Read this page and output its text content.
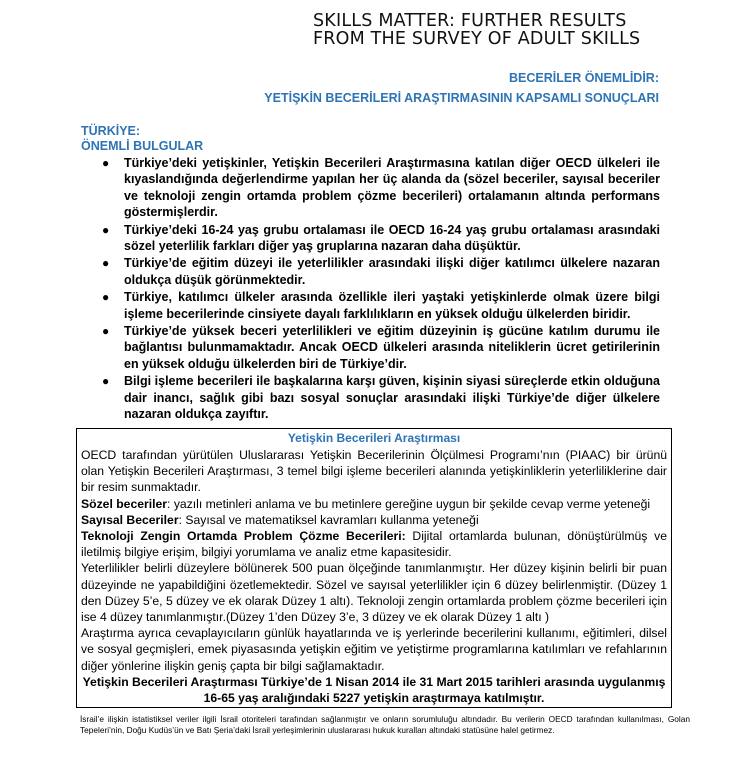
SKILLS MATTER: FURTHER RESULTS
FROM THE SURVEY OF ADULT SKILLS
BECERİLER ÖNEMLİDİR:
YETİŞKİN BECERİLERİ ARAŞTIRMASININ KAPSAMLI SONUÇLARI
TÜRKİYE:
ÖNEMLİ BULGULAR
● Türkiye’deki yetişkinler, Yetişkin Becerileri Araştırmasına katılan diğer OECD ülkeleri ile kıyaslandığında değerlendirme yapılan her üç alanda da (sözel beceriler, sayısal beceriler ve teknoloji zengin ortamda problem çözme becerileri) ortalamanın altında performans göstermişlerdir.
● Türkiye’deki 16-24 yaş grubu ortalaması ile OECD 16-24 yaş grubu ortalaması arasındaki sözel yeterlilik farkları diğer yaş gruplarına nazaran daha düşüktür.
● Türkiye’de eğitim düzeyi ile yeterlilikler arasındaki ilişki diğer katılımcı ülkelere nazaran oldukça düşük görünmektedir.
● Türkiye, katılımcı ülkeler arasında özellikle ileri yaştaki yetişkinlerde olmak üzere bilgi işleme becerilerinde cinsiyete dayalı farklılıkların en yüksek olduğu ülkelerden biridir.
● Türkiye’de yüksek beceri yeterlilikleri ve eğitim düzeyinin iş gücüne katılım durumu ile bağlantısı bulunmamaktadır. Ancak OECD ülkeleri arasında niteliklerin ücret getirilerinin en yüksek olduğu ülkelerden biri de Türkiye’dir.
● Bilgi işleme becerileri ile başkalarına karşı güven, kişinin siyasi süreçlerde etkin olduğuna dair inancı, sağlık gibi bazı sosyal sonuçlar arasındaki ilişki Türkiye’de diğer ülkelere nazaran oldukça zayıftır.
Yetişkin Becerileri Araştırması

OECD tarafından yürütülen Uluslararası Yetişkin Becerilerinin Ölçülmesi Programı’nın (PIAAC) bir ürünü olan Yetişkin Becerileri Araştırması, 3 temel bilgi işleme becerileri alanında yetişkinliklerin yeterliliklerine dair bir resim sunmaktadır.

Sözel beceriler: yazılı metinleri anlama ve bu metinlere gereğine uygun bir şekilde cevap verme yeteneği

Sayısal Beceriler: Sayısal ve matematiksel kavramları kullanma yeteneği

Teknoloji Zengin Ortamda Problem Çözme Becerileri: Dijital ortamlarda bulunan, dönüştürülmüş ve iletilmiş bilgiye erişim, bilgiyi yorumlama ve analiz etme kapasitesidir.

Yeterlilikler belirli düzeylere bölünerek 500 puan ölçeğinde tanımlanmıştır. Her düzey kişinin belirli bir puan düzeyinde ne yapabildiğini özetlemektedir. Sözel ve sayısal yeterlilikler için 6 düzey belirlenmiştir. (Düzey 1 den Düzey 5’e, 5 düzey ve ek olarak Düzey 1 altı). Teknoloji zengin ortamlarda problem çözme becerileri için ise 4 düzey tanımlanmıştır.(Düzey 1’den Düzey 3’e, 3 düzey ve ek olarak Düzey 1 altı )

Araştırma ayrıca cevaplayıcıların günlük hayatlarında ve iş yerlerinde becerilerini kullanımı, eğitimleri, dilsel ve sosyal geçmişleri, emek piyasasında yetişkin eğitim ve yetiştirme programlarına katılımları ve refahlarının diğer yönlerine ilişkin geniş çapta bir bilgi sağlamaktadır.

Yetişkin Becerileri Araştırması Türkiye’de 1 Nisan 2014 ile 31 Mart 2015 tarihleri arasında uygulanmış

16-65 yaş aralığındaki 5227 yetişkin araştırmaya katılmıştır.

İsrail’e ilişkin istatistiksel veriler ilgili İsrail otoriteleri tarafından sağlanmıştır ve onların sorumluluğu altındadır. Bu verilerin OECD tarafından kullanılması, Golan Tepeleri’nin, Doğu Kudüs’ün ve Batı Şeria’daki İsrail yerleşimlerinin uluslararası hukuk kuralları altındaki statüsüne halel getirmez.
